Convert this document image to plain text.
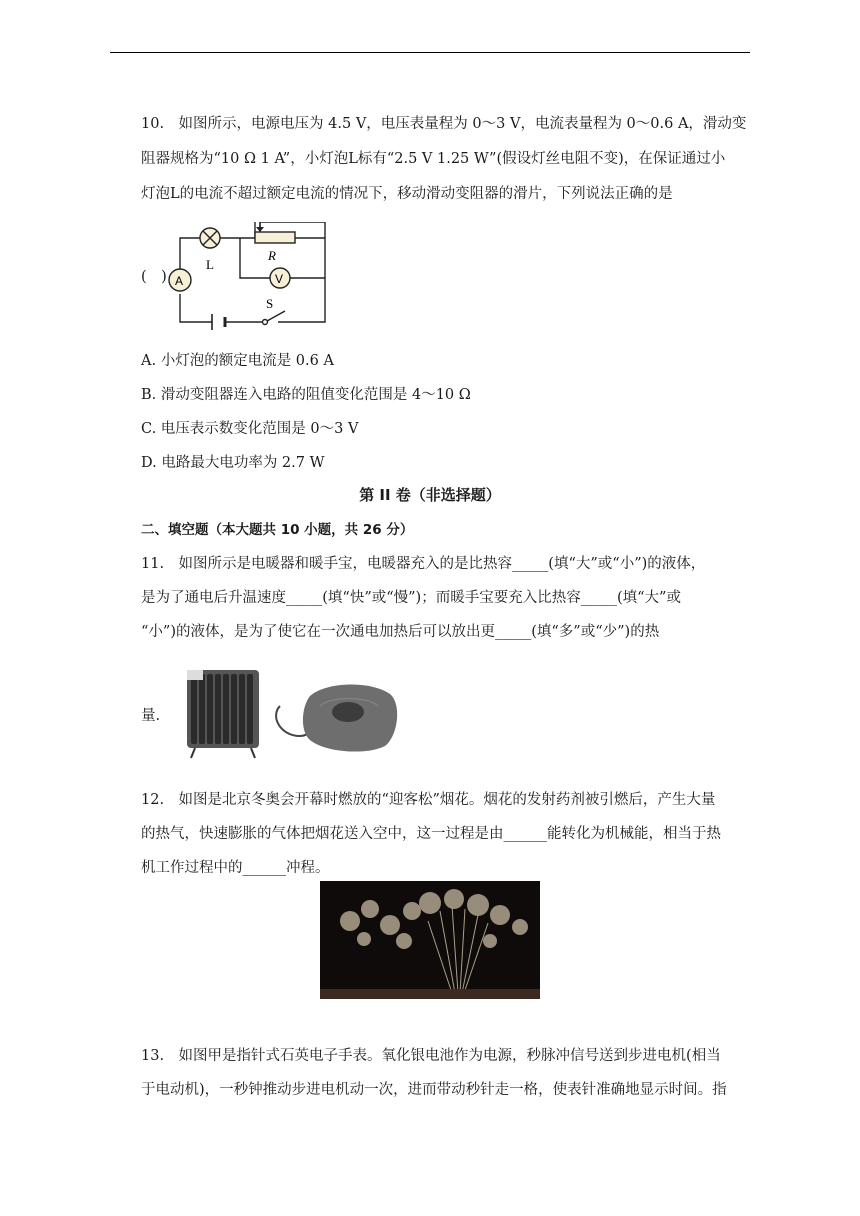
10.　如图所示，电源电压为 4.5 V，电压表量程为 0～3 V，电流表量程为 0～0.6 A，滑动变
阻器规格为“10 Ω 1 A”，小灯泡L标有“2.5 V 1.25 W”(假设灯丝电阻不变)，在保证通过小
灯泡L的电流不超过额定电流的情况下，移动滑动变阻器的滑片，下列说法正确的是
(　)
L
R
V
A
S
A. 小灯泡的额定电流是 0.6 A
B. 滑动变阻器连入电路的阻值变化范围是 4～10 Ω
C. 电压表示数变化范围是 0～3 V
D. 电路最大电功率为 2.7 W
第 II 卷（非选择题）
二、填空题（本大题共 10 小题，共 26 分）
11.　如图所示是电暖器和暖手宝，电暖器充入的是比热容_____(填“大”或“小”)的液体，
是为了通电后升温速度_____(填“快”或“慢”)；而暖手宝要充入比热容_____(填“大”或
“小”)的液体，是为了使它在一次通电加热后可以放出更_____(填“多”或“少”)的热
量.
12.　如图是北京冬奥会开幕时燃放的“迎客松”烟花。烟花的发射药剂被引燃后，产生大量
的热气，快速膨胀的气体把烟花送入空中，这一过程是由______能转化为机械能，相当于热
机工作过程中的______冲程。
13.　如图甲是指针式石英电子手表。氧化银电池作为电源，秒脉冲信号送到步进电机(相当
于电动机)，一秒钟推动步进电机动一次，进而带动秒针走一格，使表针准确地显示时间。指
